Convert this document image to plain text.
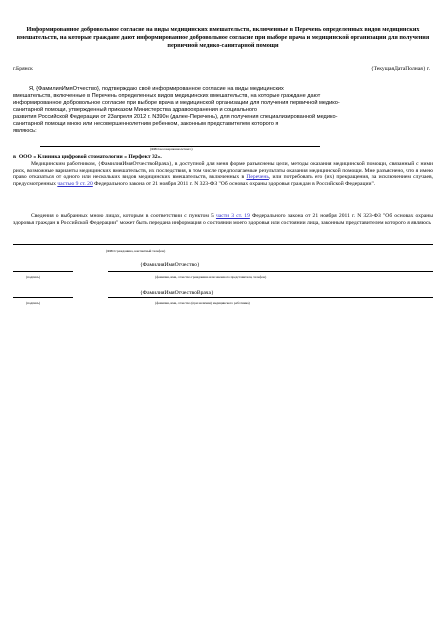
Информированное добровольное согласие на виды медицинских вмешательств, включенные в Перечень определенных видов медицинских вмешательств, на которые граждане дают информированное добровольное согласие при выборе врача и медицинской организации для получения первичной медико-санитарной помощи
г.Брянск	{ТекущаяДатаПолная} г.
Я, {ФамилияИмяОтчество}, подтверждаю своё информированное согласие на виды медицинских
вмешательств, включенные в Перечень определенных видов медицинских вмешательств, на которые граждане дают
информированное добровольное согласие при выборе врача и медицинской организации для получения первичной медико-
санитарной помощи, утвержденный приказом Министерства здравоохранения и социального
развития Российской Федерации от 23апреля 2012 г. N390н (далее-Перечень), для получения специализированной медико-
санитарной помощи мною или несовершеннолетним ребенком, законным представителем которого я
являюсь:
(ФИО несовершеннолетнего)
в ООО « Клиника цифровой стоматологии « Перфект 32».
Медицинским работником, {ФамилияИмяОтчествоВрача}, в доступной для меня форме разъяснены цели, методы оказания медицинской помощи, связанный с ними риск, возможные варианты медицинских вмешательств, их последствия, в том числе предполагаемые результаты оказания медицинской помощи. Мне разъяснено, что я имею право отказаться от одного или нескольких видов медицинских вмешательств, включенных в Перечень, или потребовать его (их) прекращения, за исключением случаев, предусмотренных частью 9 ст. 20 Федерального закона от 21 ноября 2011 г. N 323-ФЗ "Об основах охраны здоровья граждан в Российской Федерации".
Сведения о выбранных мною лицах, которым в соответствии с пунктом 5 части 3 ст. 19 Федерального закона от 21 ноября 2011 г. N 323-ФЗ "Об основах охраны здоровья граждан в Российской Федерации" может быть передана информация о состоянии моего здоровья или состоянии лица, законным представителем которого я являюсь
(ФИО гражданина, контактный телефон)
{ФамилияИмяОтчество}
(подпись)	(фамилия, имя, отчество гражданина или законного представителя, телефон)
{ФамилияИмяОтчествоВрача}
(подпись)	(фамилия, имя, отчество (при наличии) медицинского работника)
